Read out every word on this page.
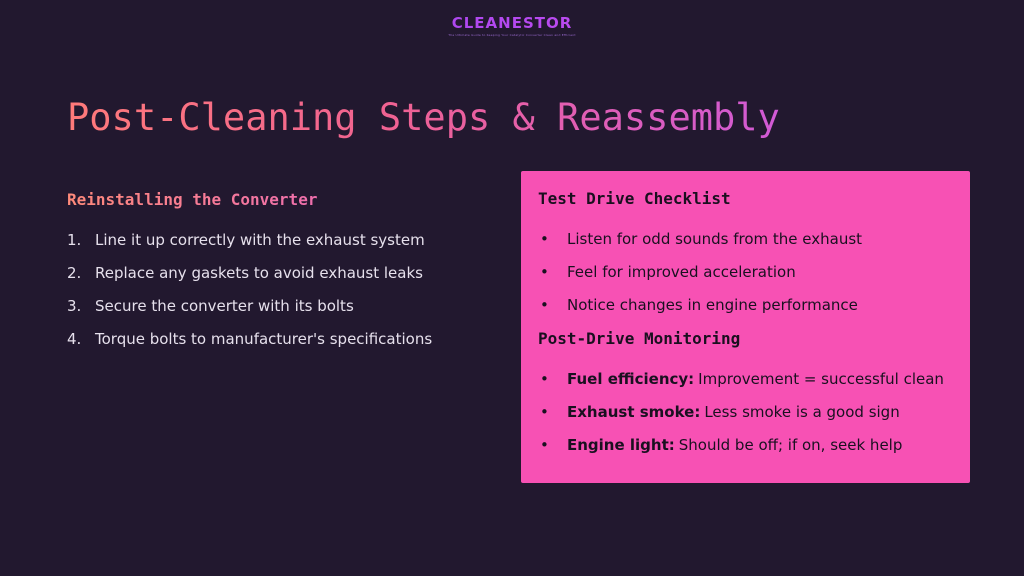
CLEANESTOR
The Ultimate Guide to Keeping Your Catalytic Converter Clean and Efficient
Post-Cleaning Steps & Reassembly
Reinstalling the Converter
1. Line it up correctly with the exhaust system
2. Replace any gaskets to avoid exhaust leaks
3. Secure the converter with its bolts
4. Torque bolts to manufacturer's specifications
Test Drive Checklist
•	Listen for odd sounds from the exhaust
•	Feel for improved acceleration
•	Notice changes in engine performance
Post-Drive Monitoring
•	Fuel efficiency: Improvement = successful clean
•	Exhaust smoke: Less smoke is a good sign
•	Engine light: Should be off; if on, seek help
